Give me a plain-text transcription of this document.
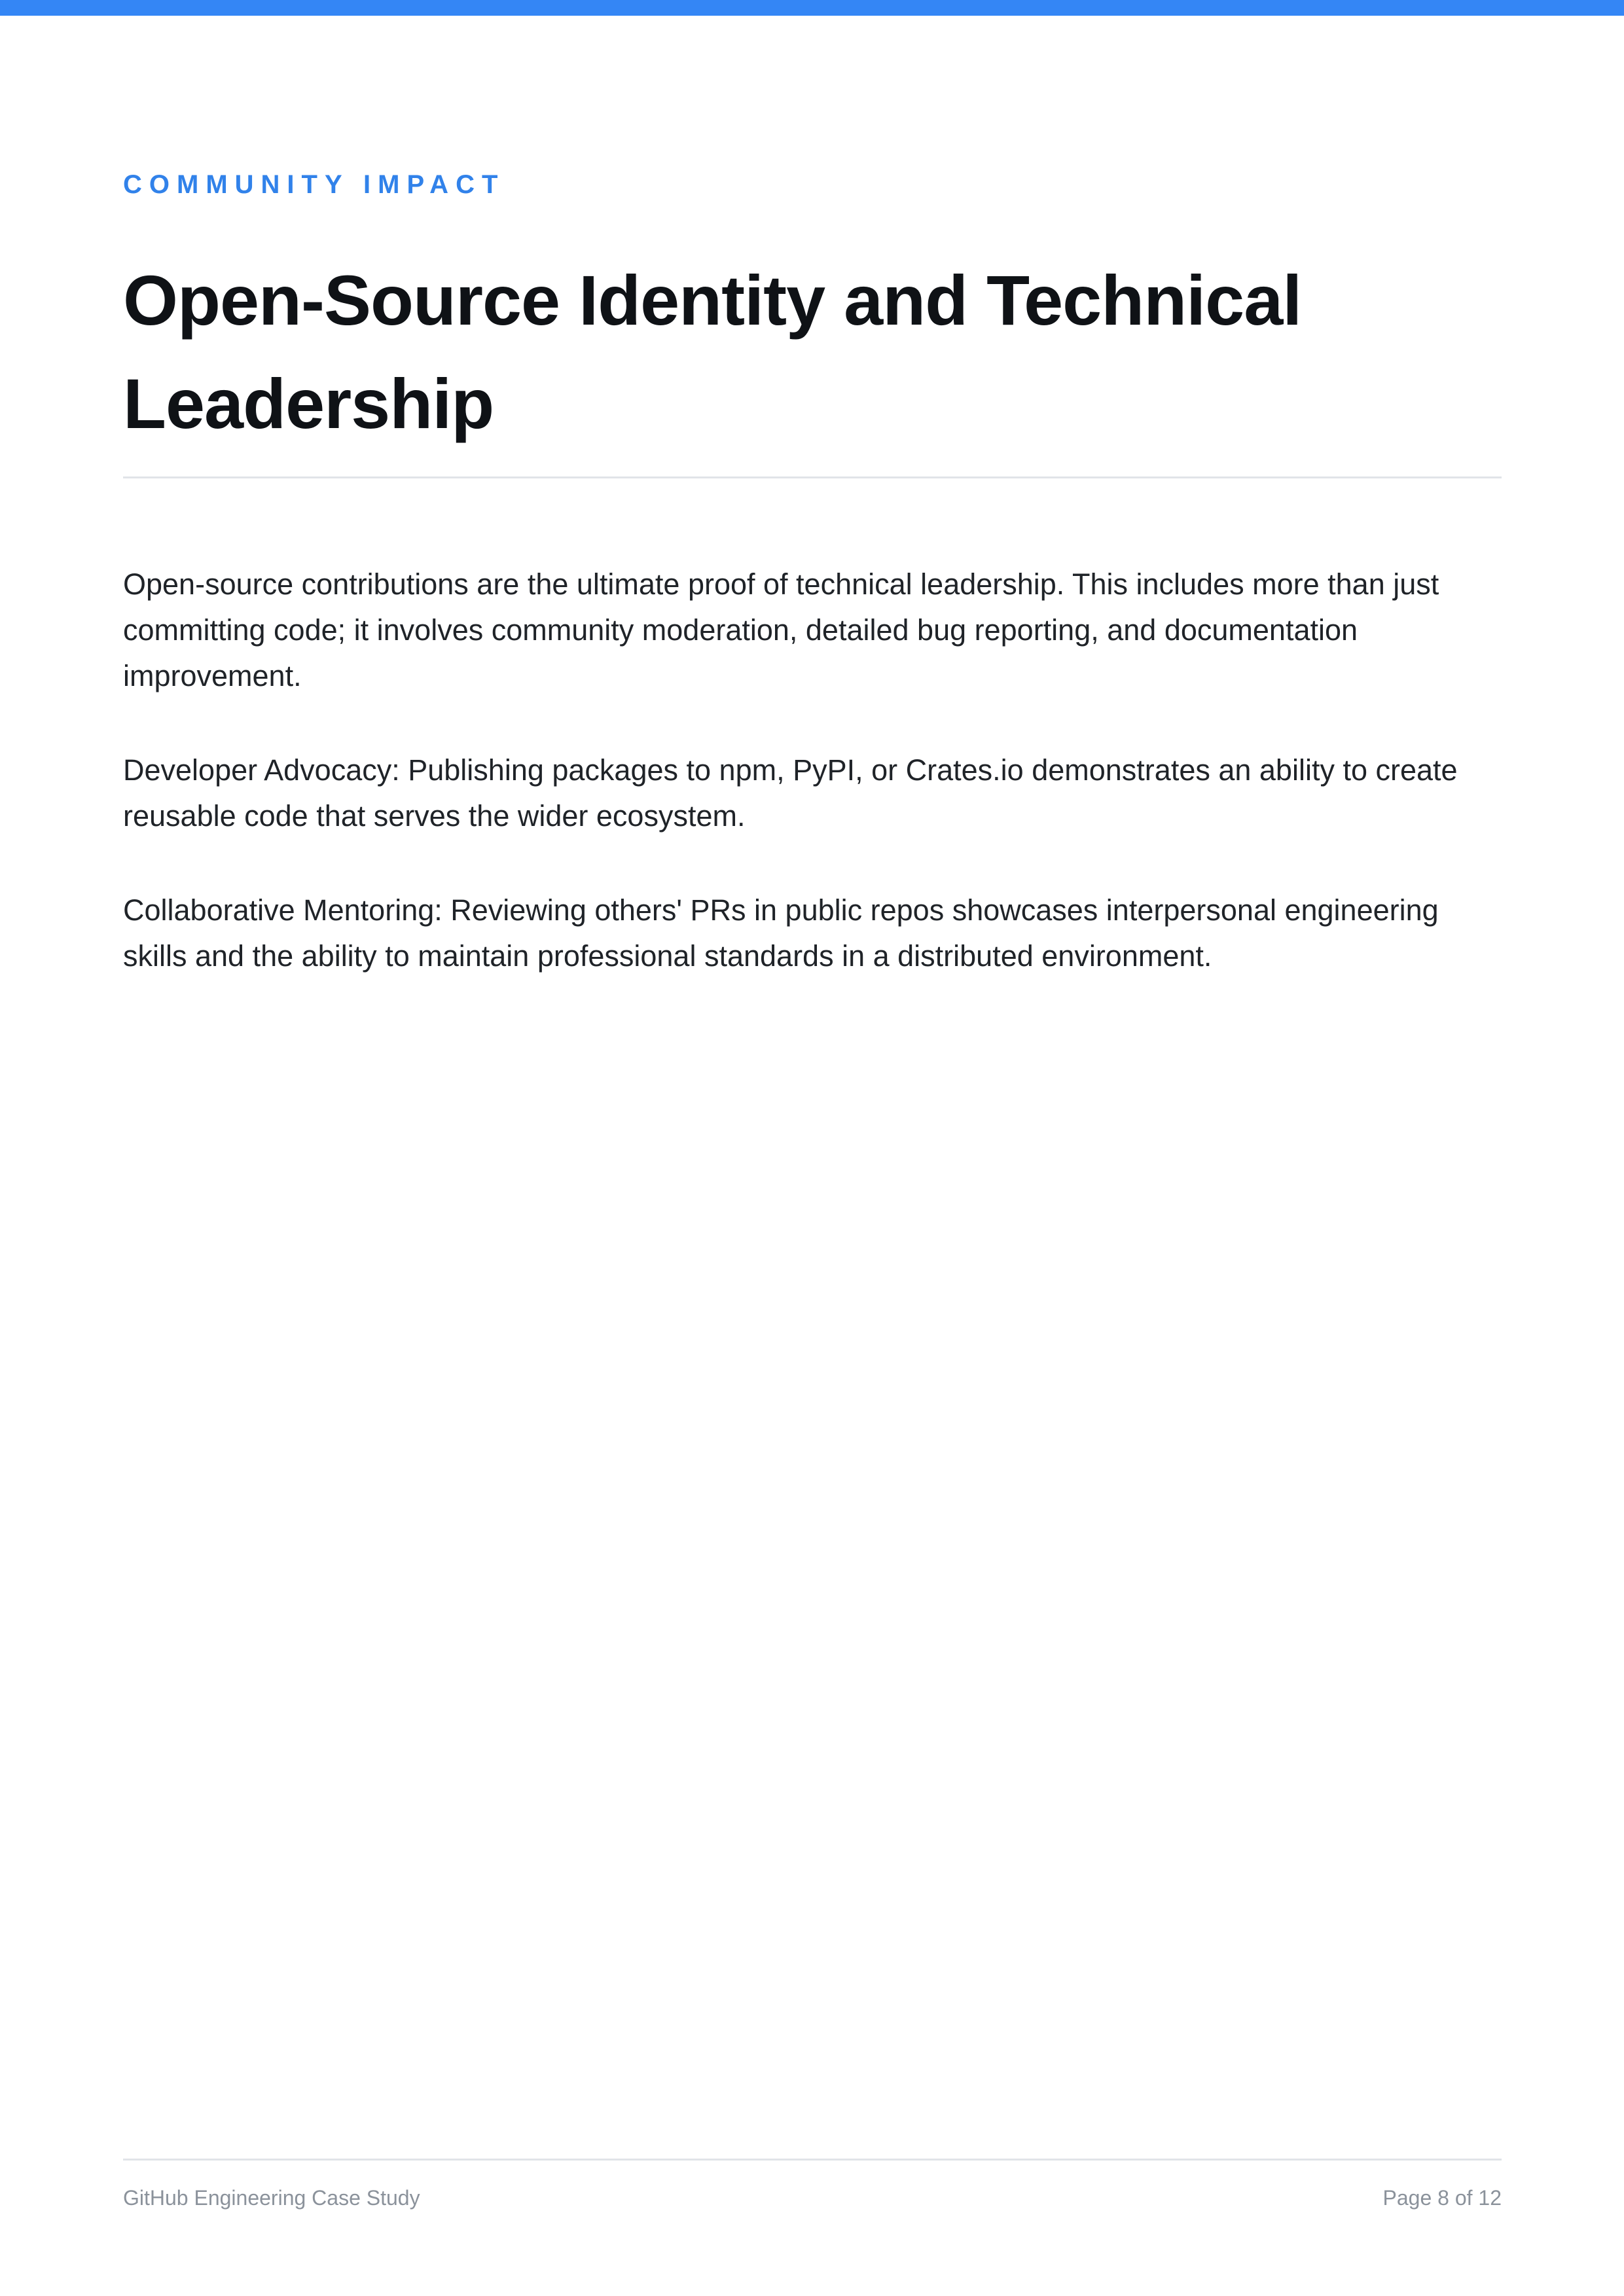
COMMUNITY IMPACT
Open-Source Identity and Technical Leadership

Open-source contributions are the ultimate proof of technical leadership. This includes more than just committing code; it involves community moderation, detailed bug reporting, and documentation improvement.

Developer Advocacy: Publishing packages to npm, PyPI, or Crates.io demonstrates an ability to create reusable code that serves the wider ecosystem.

Collaborative Mentoring: Reviewing others' PRs in public repos showcases interpersonal engineering skills and the ability to maintain professional standards in a distributed environment.

GitHub Engineering Case Study	Page 8 of 12
